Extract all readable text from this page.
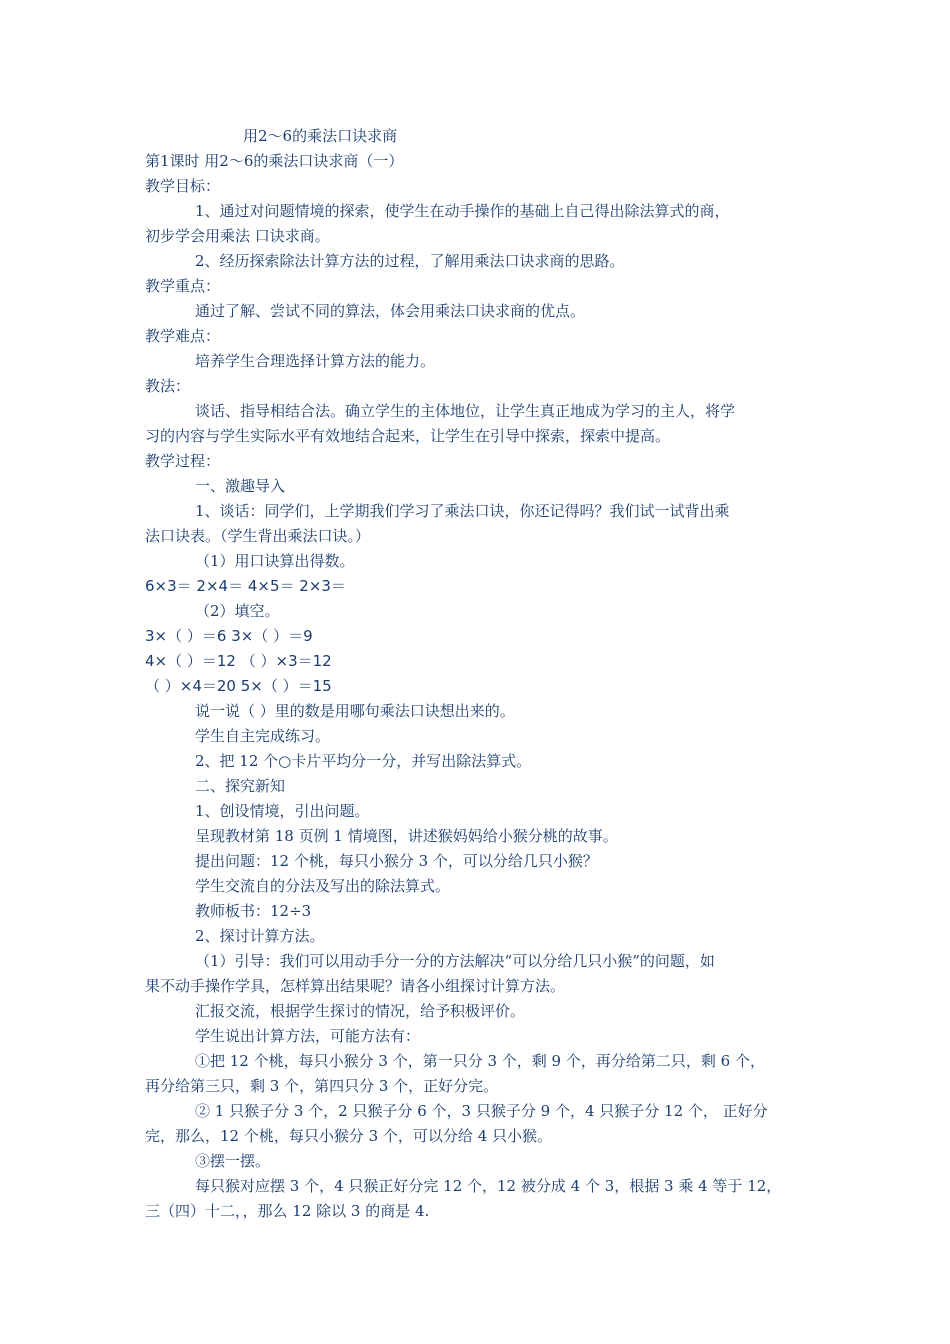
用2～6的乘法口诀求商
第1课时 用2～6的乘法口诀求商（一）
教学目标：
1、通过对问题情境的探索，使学生在动手操作的基础上自己得出除法算式的商，
初步学会用乘法 口诀求商。
2、经历探索除法计算方法的过程，了解用乘法口诀求商的思路。
教学重点：
通过了解、尝试不同的算法，体会用乘法口诀求商的优点。
教学难点：
培养学生合理选择计算方法的能力。
教法：
谈话、指导相结合法。确立学生的主体地位，让学生真正地成为学习的主人，将学
习的内容与学生实际水平有效地结合起来，让学生在引导中探索，探索中提高。
教学过程：
一、激趣导入
1、谈话：同学们，上学期我们学习了乘法口诀，你还记得吗？我们试一试背出乘
法口诀表。（学生背出乘法口诀。）
（1）用口诀算出得数。
6×3＝ 2×4＝ 4×5＝ 2×3＝
（2）填空。
3×（ ）＝6 3×（ ）＝9
4×（ ）＝12 （ ）×3＝12
（ ）×4＝20 5×（ ）＝15
说一说（ ）里的数是用哪句乘法口诀想出来的。
学生自主完成练习。
2、把 12 个○卡片平均分一分，并写出除法算式。
二、探究新知
1、创设情境，引出问题。
呈现教材第 18 页例 1 情境图，讲述猴妈妈给小猴分桃的故事。
提出问题：12 个桃，每只小猴分 3 个，可以分给几只小猴？
学生交流自的分法及写出的除法算式。
教师板书：12÷3
2、探讨计算方法。
（1）引导：我们可以用动手分一分的方法解决“可以分给几只小猴”的问题，如
果不动手操作学具，怎样算出结果呢？请各小组探讨计算方法。
汇报交流，根据学生探讨的情况，给予积极评价。
学生说出计算方法，可能方法有：
①把 12 个桃，每只小猴分 3 个，第一只分 3 个，剩 9 个，再分给第二只，剩 6 个，
再分给第三只，剩 3 个，第四只分 3 个，正好分完。
② 1 只猴子分 3 个，2 只猴子分 6 个，3 只猴子分 9 个，4 只猴子分 12 个， 正好分
完，那么，12 个桃，每只小猴分 3 个，可以分给 4 只小猴。
③摆一摆。
每只猴对应摆 3 个，4 只猴正好分完 12 个，12 被分成 4 个 3，根据 3 乘 4 等于 12，
三（四）十二，，那么 12 除以 3 的商是 4.
